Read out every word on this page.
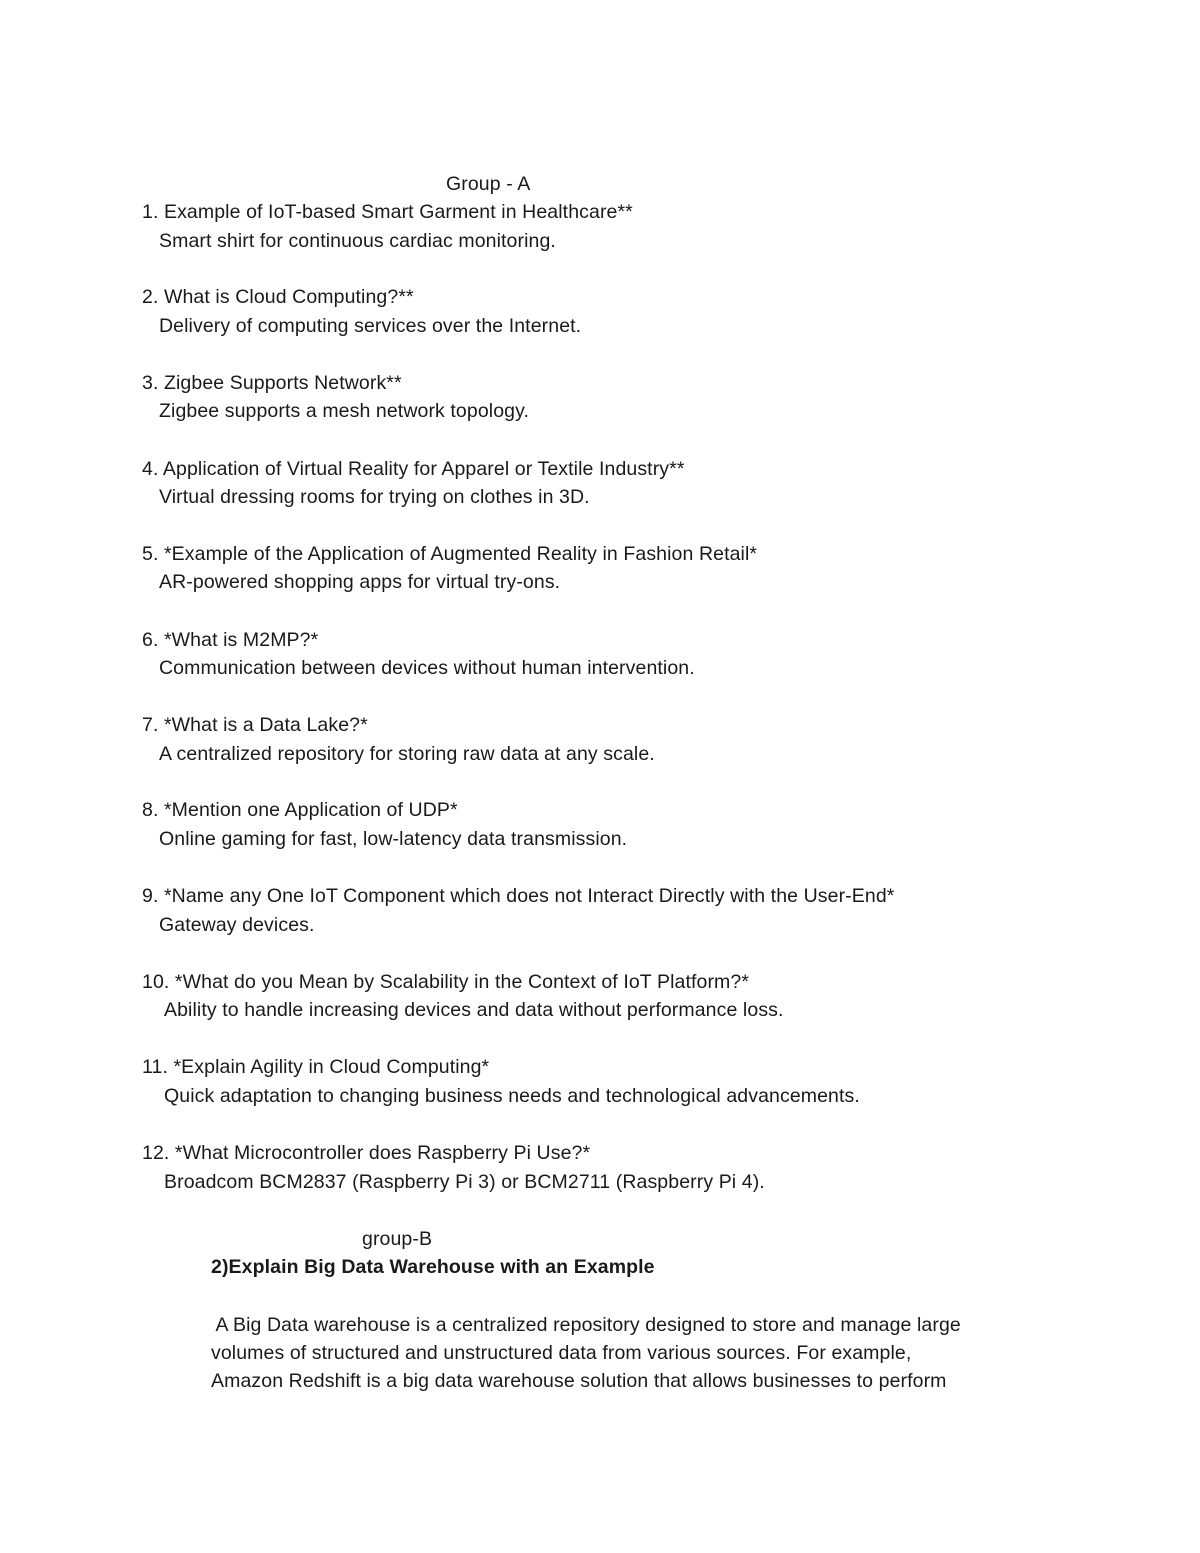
Group - A
1. Example of IoT-based Smart Garment in Healthcare**
Smart shirt for continuous cardiac monitoring.
2. What is Cloud Computing?**
Delivery of computing services over the Internet.
3. Zigbee Supports Network**
Zigbee supports a mesh network topology.
4. Application of Virtual Reality for Apparel or Textile Industry**
Virtual dressing rooms for trying on clothes in 3D.
5. *Example of the Application of Augmented Reality in Fashion Retail*
AR-powered shopping apps for virtual try-ons.
6. *What is M2MP?*
Communication between devices without human intervention.
7. *What is a Data Lake?*
A centralized repository for storing raw data at any scale.
8. *Mention one Application of UDP*
Online gaming for fast, low-latency data transmission.
9. *Name any One IoT Component which does not Interact Directly with the User-End*
Gateway devices.
10. *What do you Mean by Scalability in the Context of IoT Platform?*
Ability to handle increasing devices and data without performance loss.
11. *Explain Agility in Cloud Computing*
Quick adaptation to changing business needs and technological advancements.
12. *What Microcontroller does Raspberry Pi Use?*
Broadcom BCM2837 (Raspberry Pi 3) or BCM2711 (Raspberry Pi 4).
group-B
2)Explain Big Data Warehouse with an Example
A Big Data warehouse is a centralized repository designed to store and manage large
volumes of structured and unstructured data from various sources. For example,
Amazon Redshift is a big data warehouse solution that allows businesses to perform
